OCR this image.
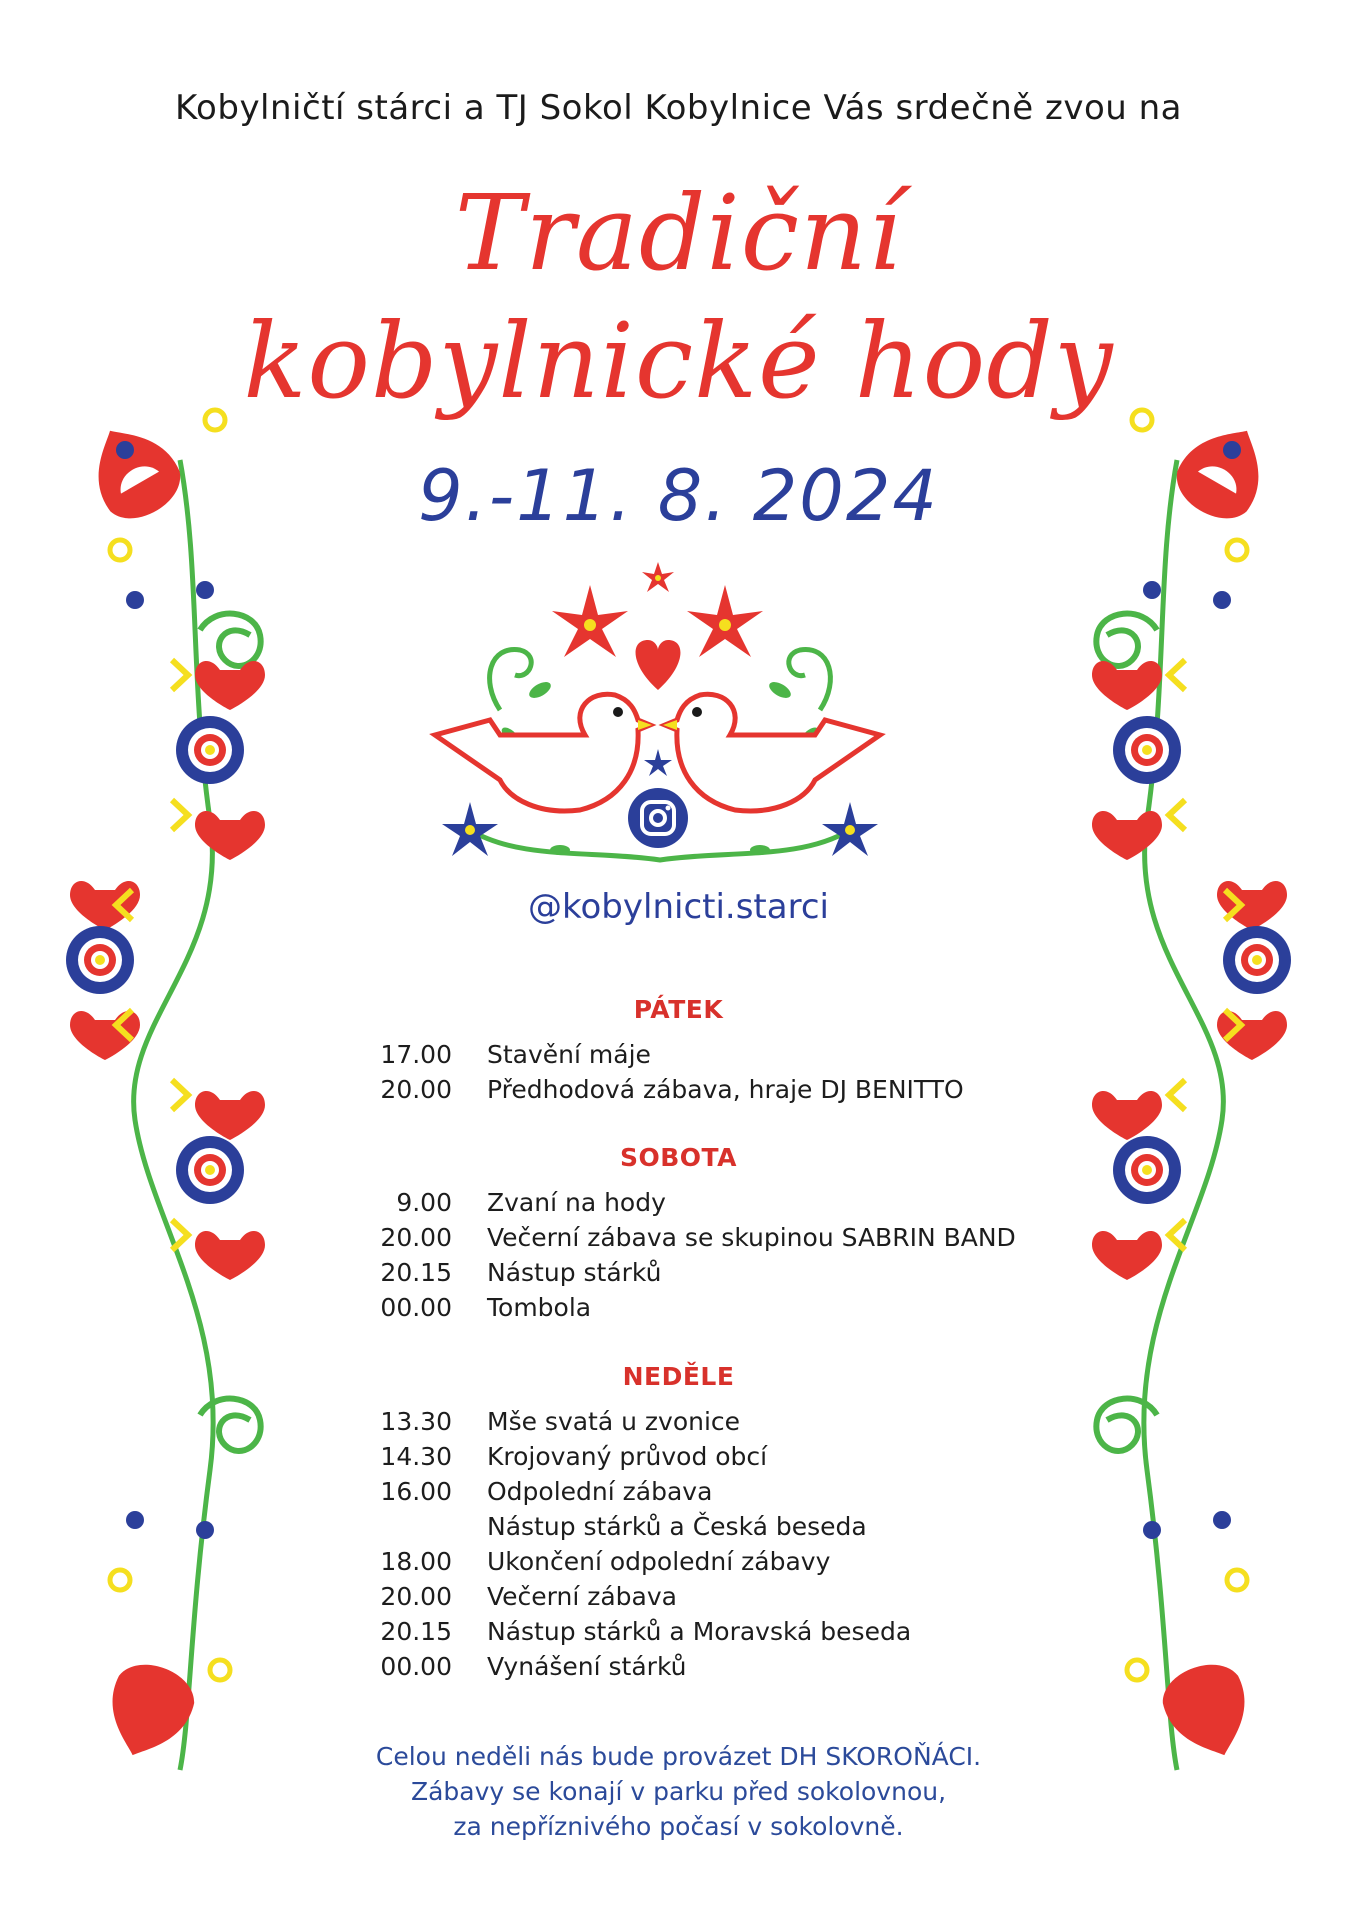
Kobylničtí stárci a TJ Sokol Kobylnice Vás srdečně zvou na
Tradiční
kobylnické hody
9.-11. 8. 2024
@kobylnicti.starci
PÁTEK
17.00 Stavění máje
20.00 Předhodová zábava, hraje DJ BENITTO
SOBOTA
9.00 Zvaní na hody
20.00 Večerní zábava se skupinou SABRIN BAND
20.15 Nástup stárků
00.00 Tombola
NEDĚLE
13.30 Mše svatá u zvonice
14.30 Krojovaný průvod obcí
16.00 Odpolední zábava
Nástup stárků a Česká beseda
18.00 Ukončení odpolední zábavy
20.00 Večerní zábava
20.15 Nástup stárků a Moravská beseda
00.00 Vynášení stárků
Celou neděli nás bude provázet DH SKOROŇÁCI.
Zábavy se konají v parku před sokolovnou,
za nepříznivého počasí v sokolovně.
